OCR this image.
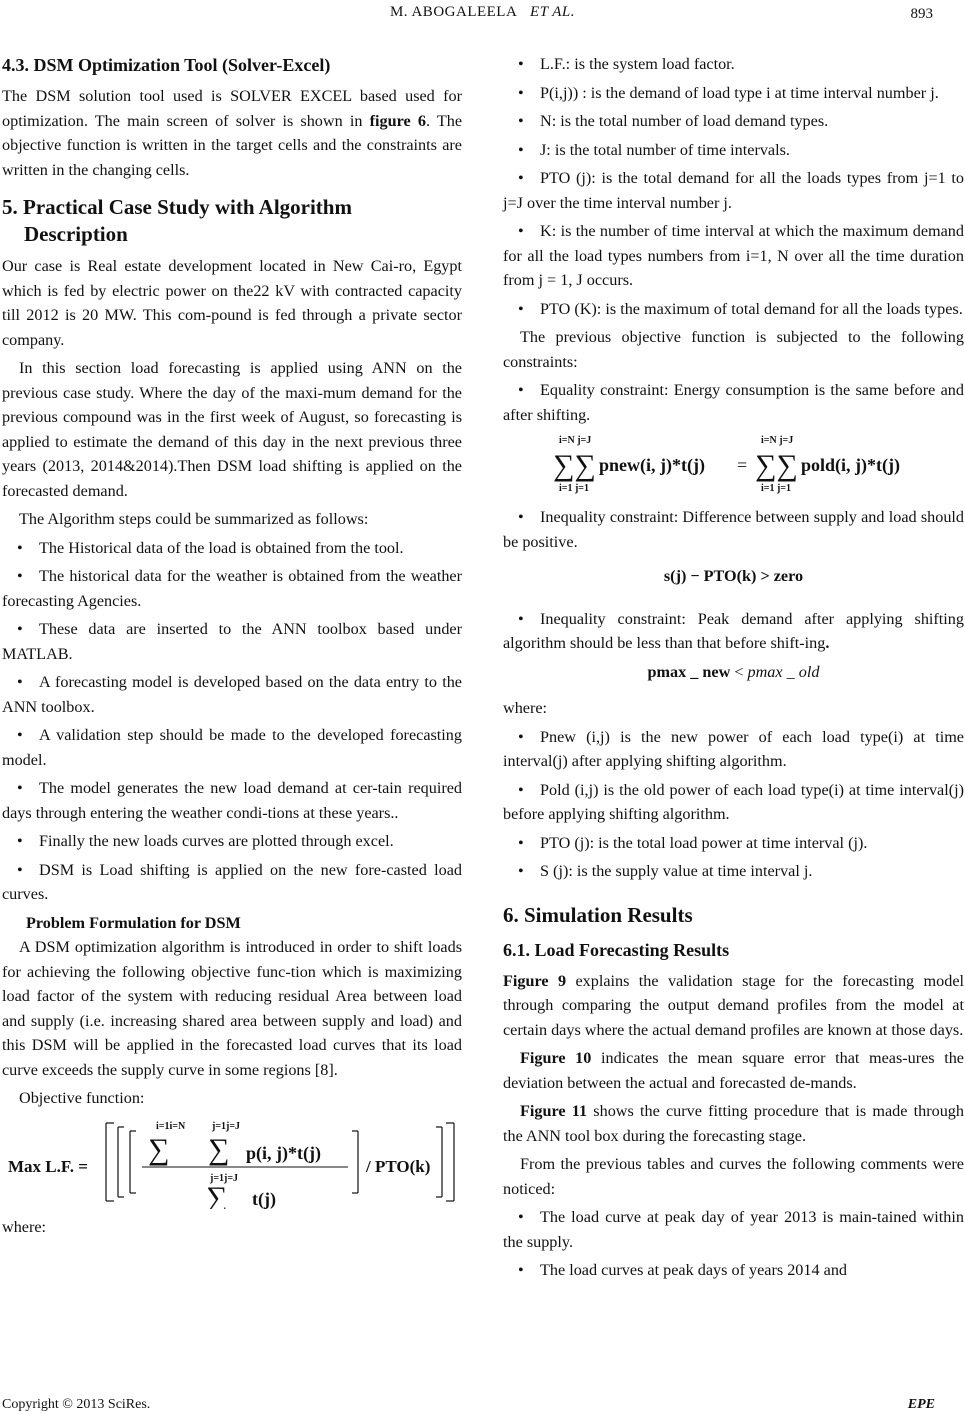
M. ABOGALEELA ET AL.	893
4.3. DSM Optimization Tool (Solver-Excel)

The DSM solution tool used is SOLVER EXCEL based used for optimization. The main screen of solver is shown in figure 6. The objective function is written in the target cells and the constraints are written in the changing cells.

5. Practical Case Study with Algorithm
Description

Our case is Real estate development located in New Cai-ro, Egypt which is fed by electric power on the22 kV with contracted capacity till 2012 is 20 MW. This com-pound is fed through a private sector company.

In this section load forecasting is applied using ANN on the previous case study. Where the day of the maxi-mum demand for the previous compound was in the first week of August, so forecasting is applied to estimate the demand of this day in the next previous three years (2013, 2014&2014).Then DSM load shifting is applied on the forecasted demand.

The Algorithm steps could be summarized as follows:

• The Historical data of the load is obtained from the tool.

• The historical data for the weather is obtained from the weather forecasting Agencies.

• These data are inserted to the ANN toolbox based under MATLAB.

• A forecasting model is developed based on the data entry to the ANN toolbox.

• A validation step should be made to the developed forecasting model.

• The model generates the new load demand at cer-tain required days through entering the weather condi-tions at these years..

• Finally the new loads curves are plotted through excel.

• DSM is Load shifting is applied on the new fore-casted load curves.

Problem Formulation for DSM

A DSM optimization algorithm is introduced in order to shift loads for achieving the following objective func-tion which is maximizing load factor of the system with reducing residual Area between load and supply (i.e. increasing shared area between supply and load) and this DSM will be applied in the forecasted load curves that its load curve exceeds the supply curve in some regions [8].

Objective function:

Max L.F. =
i=1i=N
∑
j=1j=J
∑ p(i, j)*t(j)
j=1j=J
∑ t(j)
/ PTO(k)

where:

• L.F.: is the system load factor.

• P(i,j)) : is the demand of load type i at time interval number j.

• N: is the total number of load demand types.

• J: is the total number of time intervals.

• PTO (j): is the total demand for all the loads types from j=1 to j=J over the time interval number j.

• K: is the number of time interval at which the maximum demand for all the load types numbers from i=1, N over all the time duration from j = 1, J occurs.

• PTO (K): is the maximum of total demand for all the loads types.

The previous objective function is subjected to the following constraints:

• Equality constraint: Energy consumption is the same before and after shifting.

i=N j=J
∑∑
i=1 j=1
pnew(i, j)*t(j) =
i=N j=J
∑∑
i=1 j=1
pold(i, j)*t(j)

• Inequality constraint: Difference between supply and load should be positive.

s(j) − PTO(k) > zero

• Inequality constraint: Peak demand after applying shifting algorithm should be less than that before shift-ing.

pmax _ new < pmax _ old

where:

• Pnew (i,j) is the new power of each load type(i) at time interval(j) after applying shifting algorithm.

• Pold (i,j) is the old power of each load type(i) at time interval(j) before applying shifting algorithm.

• PTO (j): is the total load power at time interval (j).

• S (j): is the supply value at time interval j.

6. Simulation Results
6.1. Load Forecasting Results

Figure 9 explains the validation stage for the forecasting model through comparing the output demand profiles from the model at certain days where the actual demand profiles are known at those days.

Figure 10 indicates the mean square error that meas-ures the deviation between the actual and forecasted de-mands.

Figure 11 shows the curve fitting procedure that is made through the ANN tool box during the forecasting stage.

From the previous tables and curves the following comments were noticed:

• The load curve at peak day of year 2013 is main-tained within the supply.

• The load curves at peak days of years 2014 and

Copyright © 2013 SciRes.	EPE
